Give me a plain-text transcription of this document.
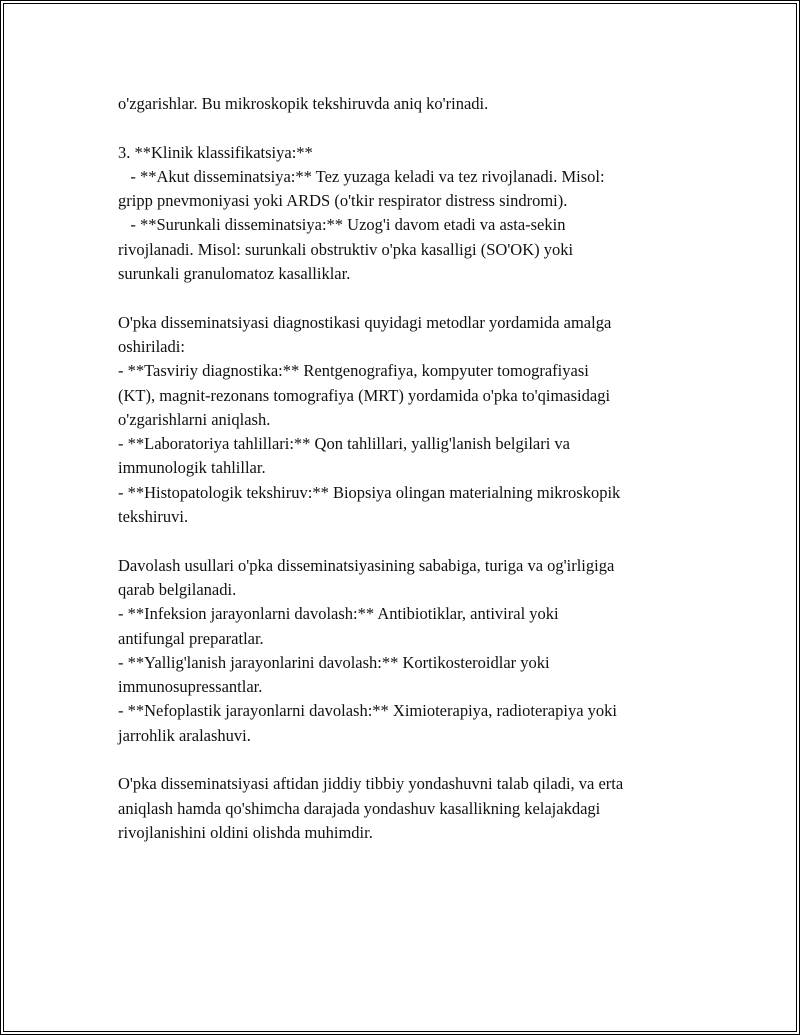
o'zgarishlar. Bu mikroskopik tekshiruvda aniq ko'rinadi.

3. **Klinik klassifikatsiya:**

- **Akut disseminatsiya:** Tez yuzaga keladi va tez rivojlanadi. Misol:

gripp pnevmoniyasi yoki ARDS (o'tkir respirator distress sindromi).

- **Surunkali disseminatsiya:** Uzog'i davom etadi va asta-sekin

rivojlanadi. Misol: surunkali obstruktiv o'pka kasalligi (SO'OK) yoki

surunkali granulomatoz kasalliklar.

O'pka disseminatsiyasi diagnostikasi quyidagi metodlar yordamida amalga

oshiriladi:

- **Tasviriy diagnostika:** Rentgenografiya, kompyuter tomografiyasi

(KT), magnit-rezonans tomografiya (MRT) yordamida o'pka to'qimasidagi

o'zgarishlarni aniqlash.

- **Laboratoriya tahlillari:** Qon tahlillari, yallig'lanish belgilari va

immunologik tahlillar.

- **Histopatologik tekshiruv:** Biopsiya olingan materialning mikroskopik

tekshiruvi.

Davolash usullari o'pka disseminatsiyasining sababiga, turiga va og'irligiga

qarab belgilanadi.

- **Infeksion jarayonlarni davolash:** Antibiotiklar, antiviral yoki

antifungal preparatlar.

- **Yallig'lanish jarayonlarini davolash:** Kortikosteroidlar yoki

immunosupressantlar.

- **Nefoplastik jarayonlarni davolash:** Ximioterapiya, radioterapiya yoki

jarrohlik aralashuvi.

O'pka disseminatsiyasi aftidan jiddiy tibbiy yondashuvni talab qiladi, va erta

aniqlash hamda qo'shimcha darajada yondashuv kasallikning kelajakdagi

rivojlanishini oldini olishda muhimdir.
